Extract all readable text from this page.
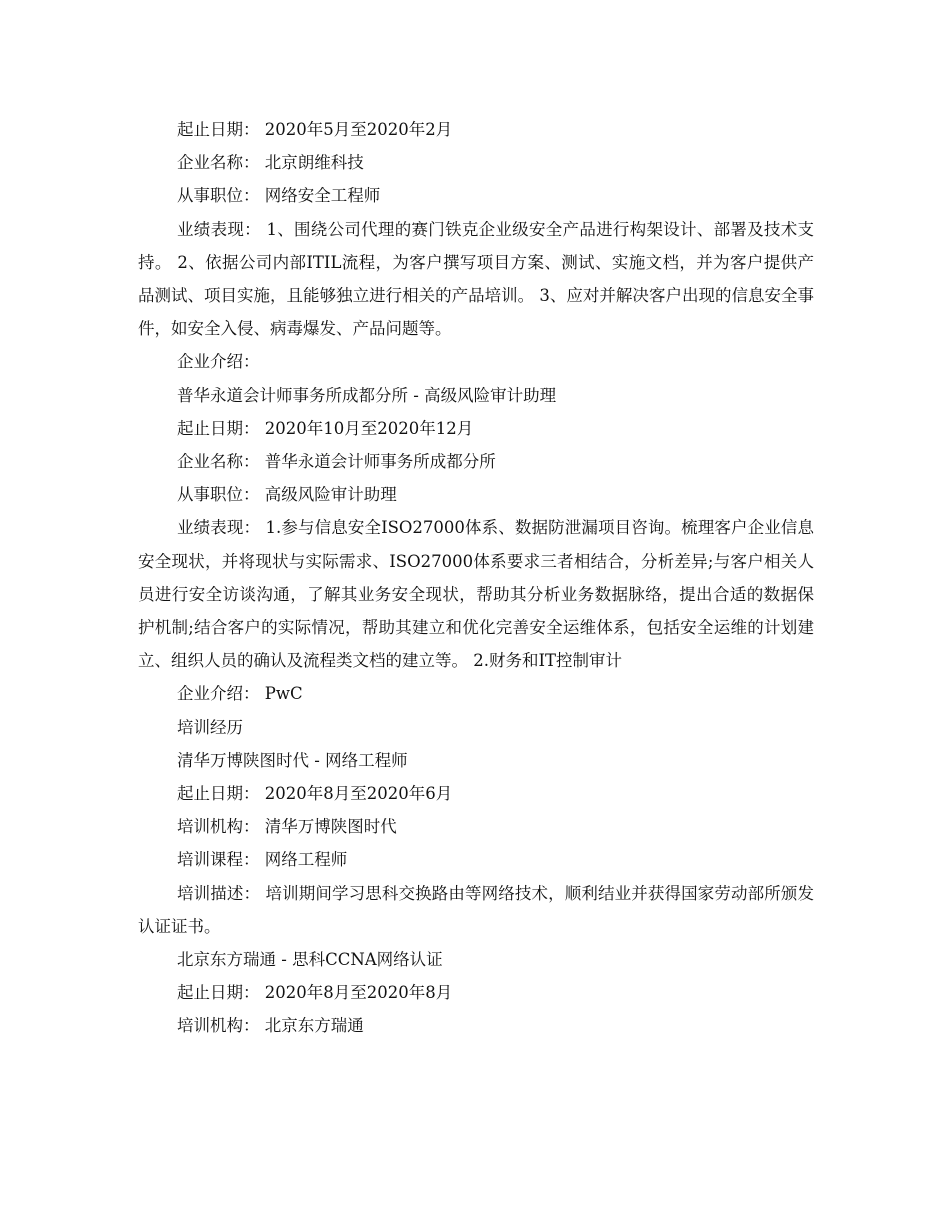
起止日期： 2020年5月至2020年2月

企业名称： 北京朗维科技

从事职位： 网络安全工程师

业绩表现： 1、围绕公司代理的赛门铁克企业级安全产品进行构架设计、部署及技术支持。 2、依据公司内部ITIL流程，为客户撰写项目方案、测试、实施文档，并为客户提供产品测试、项目实施，且能够独立进行相关的产品培训。 3、应对并解决客户出现的信息安全事件，如安全入侵、病毒爆发、产品问题等。

企业介绍：

普华永道会计师事务所成都分所 - 高级风险审计助理

起止日期： 2020年10月至2020年12月

企业名称： 普华永道会计师事务所成都分所

从事职位： 高级风险审计助理

业绩表现： 1.参与信息安全ISO27000体系、数据防泄漏项目咨询。梳理客户企业信息安全现状，并将现状与实际需求、ISO27000体系要求三者相结合，分析差异;与客户相关人员进行安全访谈沟通，了解其业务安全现状，帮助其分析业务数据脉络，提出合适的数据保护机制;结合客户的实际情况，帮助其建立和优化完善安全运维体系，包括安全运维的计划建立、组织人员的确认及流程类文档的建立等。 2.财务和IT控制审计

企业介绍： PwC

培训经历

清华万博陕图时代 - 网络工程师

起止日期： 2020年8月至2020年6月

培训机构： 清华万博陕图时代

培训课程： 网络工程师

培训描述： 培训期间学习思科交换路由等网络技术，顺利结业并获得国家劳动部所颁发认证证书。

北京东方瑞通 - 思科CCNA网络认证

起止日期： 2020年8月至2020年8月

培训机构： 北京东方瑞通
